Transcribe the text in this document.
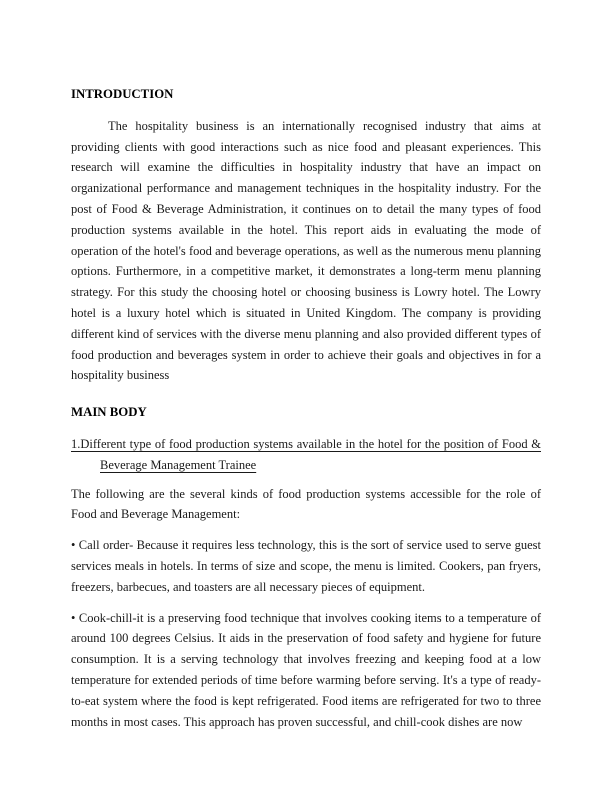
INTRODUCTION

The hospitality business is an internationally recognised industry that aims at providing clients with good interactions such as nice food and pleasant experiences. This research will examine the difficulties in hospitality industry that have an impact on organizational performance and management techniques in the hospitality industry. For the post of Food & Beverage Administration, it continues on to detail the many types of food production systems available in the hotel. This report aids in evaluating the mode of operation of the hotel's food and beverage operations, as well as the numerous menu planning options. Furthermore, in a competitive market, it demonstrates a long-term menu planning strategy. For this study the choosing hotel or choosing business is Lowry hotel. The Lowry hotel is a luxury hotel which is situated in United Kingdom. The company is providing different kind of services with the diverse menu planning and also provided different types of food production and beverages system in order to achieve their goals and objectives in for a hospitality business

MAIN BODY

1.Different type of food production systems available in the hotel for the position of Food & Beverage Management Trainee

The following are the several kinds of food production systems accessible for the role of Food and Beverage Management:

• Call order- Because it requires less technology, this is the sort of service used to serve guest services meals in hotels. In terms of size and scope, the menu is limited. Cookers, pan fryers, freezers, barbecues, and toasters are all necessary pieces of equipment.

• Cook-chill-it is a preserving food technique that involves cooking items to a temperature of around 100 degrees Celsius. It aids in the preservation of food safety and hygiene for future consumption. It is a serving technology that involves freezing and keeping food at a low temperature for extended periods of time before warming before serving. It's a type of ready-to-eat system where the food is kept refrigerated. Food items are refrigerated for two to three months in most cases. This approach has proven successful, and chill-cook dishes are now
